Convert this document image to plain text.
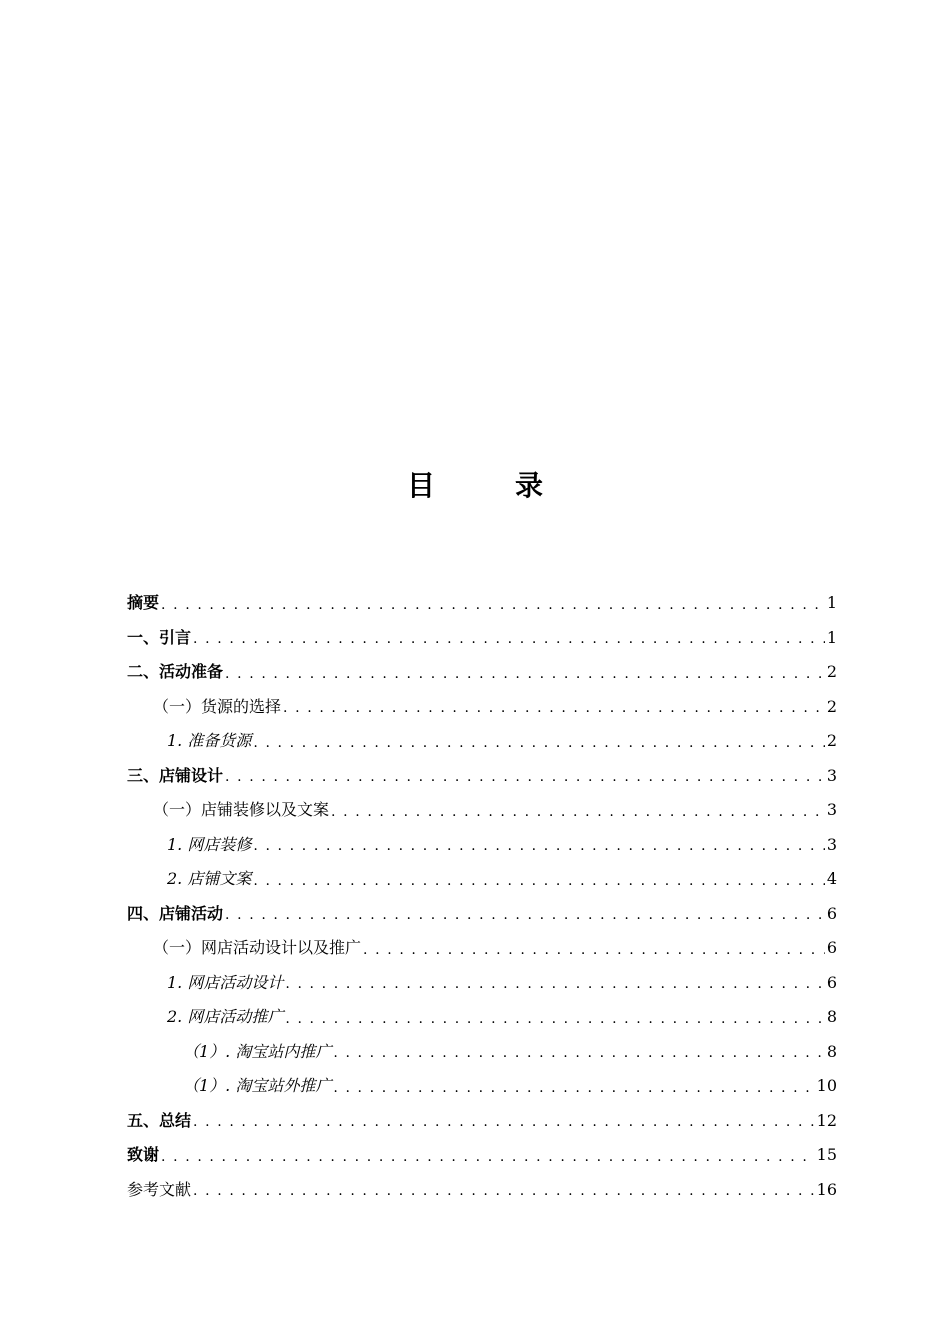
目　录
摘要 . . .	1
一、引言 . . .	1
二、活动准备 . . .	2
（一）货源的选择 . . .	2
1. 准备货源 . . .	2
三、店铺设计 . . .	3
（一）店铺装修以及文案 . . .	3
1. 网店装修 . . .	3
2. 店铺文案 . . .	4
四、店铺活动 . . .	6
（一）网店活动设计以及推广 . . .	6
1. 网店活动设计 . . .	6
2. 网店活动推广 . . .	8
（1）. 淘宝站内推广 . . .	8
（1）. 淘宝站外推广 . . .	10
五、总结 . . .	12
致谢 . . .	15
参考文献 . . .	16
